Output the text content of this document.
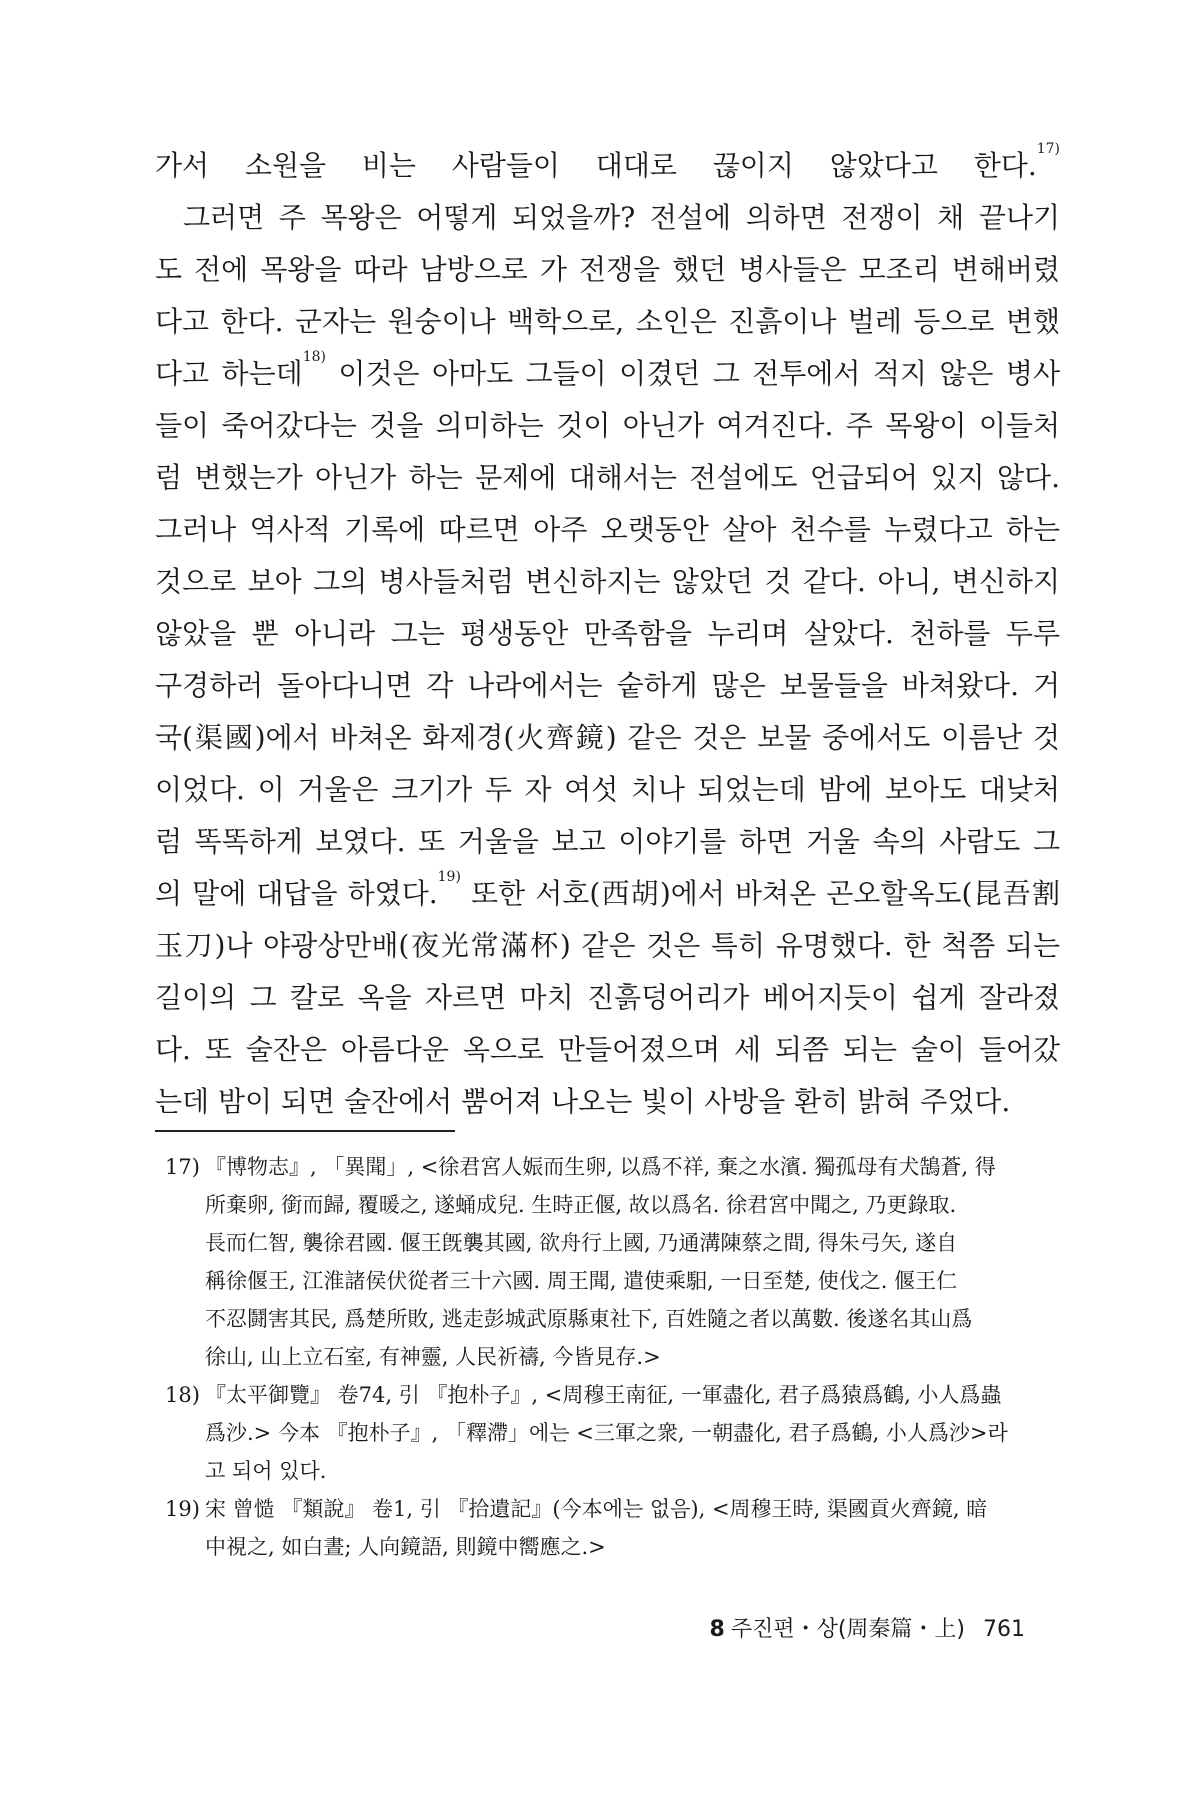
가서 소원을 비는 사람들이 대대로 끊이지 않았다고 한다.$^{17)}$
그러면 주 목왕은 어떻게 되었을까? 전설에 의하면 전쟁이 채 끝나기
도 전에 목왕을 따라 남방으로 가 전쟁을 했던 병사들은 모조리 변해버렸
다고 한다. 군자는 원숭이나 백학으로, 소인은 진흙이나 벌레 등으로 변했
다고 하는데$^{18)}$ 이것은 아마도 그들이 이겼던 그 전투에서 적지 않은 병사
들이 죽어갔다는 것을 의미하는 것이 아닌가 여겨진다. 주 목왕이 이들처
럼 변했는가 아닌가 하는 문제에 대해서는 전설에도 언급되어 있지 않다.
그러나 역사적 기록에 따르면 아주 오랫동안 살아 천수를 누렸다고 하는
것으로 보아 그의 병사들처럼 변신하지는 않았던 것 같다. 아니, 변신하지
않았을 뿐 아니라 그는 평생동안 만족함을 누리며 살았다. 천하를 두루
구경하러 돌아다니면 각 나라에서는 숱하게 많은 보물들을 바쳐왔다. 거
국(渠國)에서 바쳐온 화제경(火齊鏡) 같은 것은 보물 중에서도 이름난 것
이었다. 이 거울은 크기가 두 자 여섯 치나 되었는데 밤에 보아도 대낮처
럼 똑똑하게 보였다. 또 거울을 보고 이야기를 하면 거울 속의 사람도 그
의 말에 대답을 하였다.$^{19)}$ 또한 서호(西胡)에서 바쳐온 곤오할옥도(昆吾割
玉刀)나 야광상만배(夜光常滿杯) 같은 것은 특히 유명했다. 한 척쯤 되는
길이의 그 칼로 옥을 자르면 마치 진흙덩어리가 베어지듯이 쉽게 잘라졌
다. 또 술잔은 아름다운 옥으로 만들어졌으며 세 되쯤 되는 술이 들어갔
는데 밤이 되면 술잔에서 뿜어져 나오는 빛이 사방을 환히 밝혀 주었다.
17) 『博物志』, 「異聞」, <徐君宮人娠而生卵, 以爲不祥, 棄之水濱. 獨孤母有犬鵠蒼, 得
所棄卵, 銜而歸, 覆暖之, 遂蛹成兒. 生時正偃, 故以爲名. 徐君宮中聞之, 乃更錄取.
長而仁智, 襲徐君國. 偃王旣襲其國, 欲舟行上國, 乃通溝陳蔡之間, 得朱弓矢, 遂自
稱徐偃王, 江淮諸侯伏從者三十六國. 周王聞, 遣使乘馹, 一日至楚, 使伐之. 偃王仁
不忍鬪害其民, 爲楚所敗, 逃走彭城武原縣東社下, 百姓隨之者以萬數. 後遂名其山爲
徐山, 山上立石室, 有神靈, 人民祈禱, 今皆見存.>
18) 『太平御覽』 卷74, 引 『抱朴子』, <周穆王南征, 一軍盡化, 君子爲猿爲鶴, 小人爲蟲
爲沙.> 今本 『抱朴子』, 「釋滯」에는 <三軍之衆, 一朝盡化, 君子爲鶴, 小人爲沙>라
고 되어 있다.
19) 宋 曾慥 『類說』 卷1, 引 『拾遺記』(今本에는 없음), <周穆王時, 渠國貢火齊鏡, 暗
中視之, 如白晝; 人向鏡語, 則鏡中嚮應之.>
8 주진편・상(周秦篇・上) 761
